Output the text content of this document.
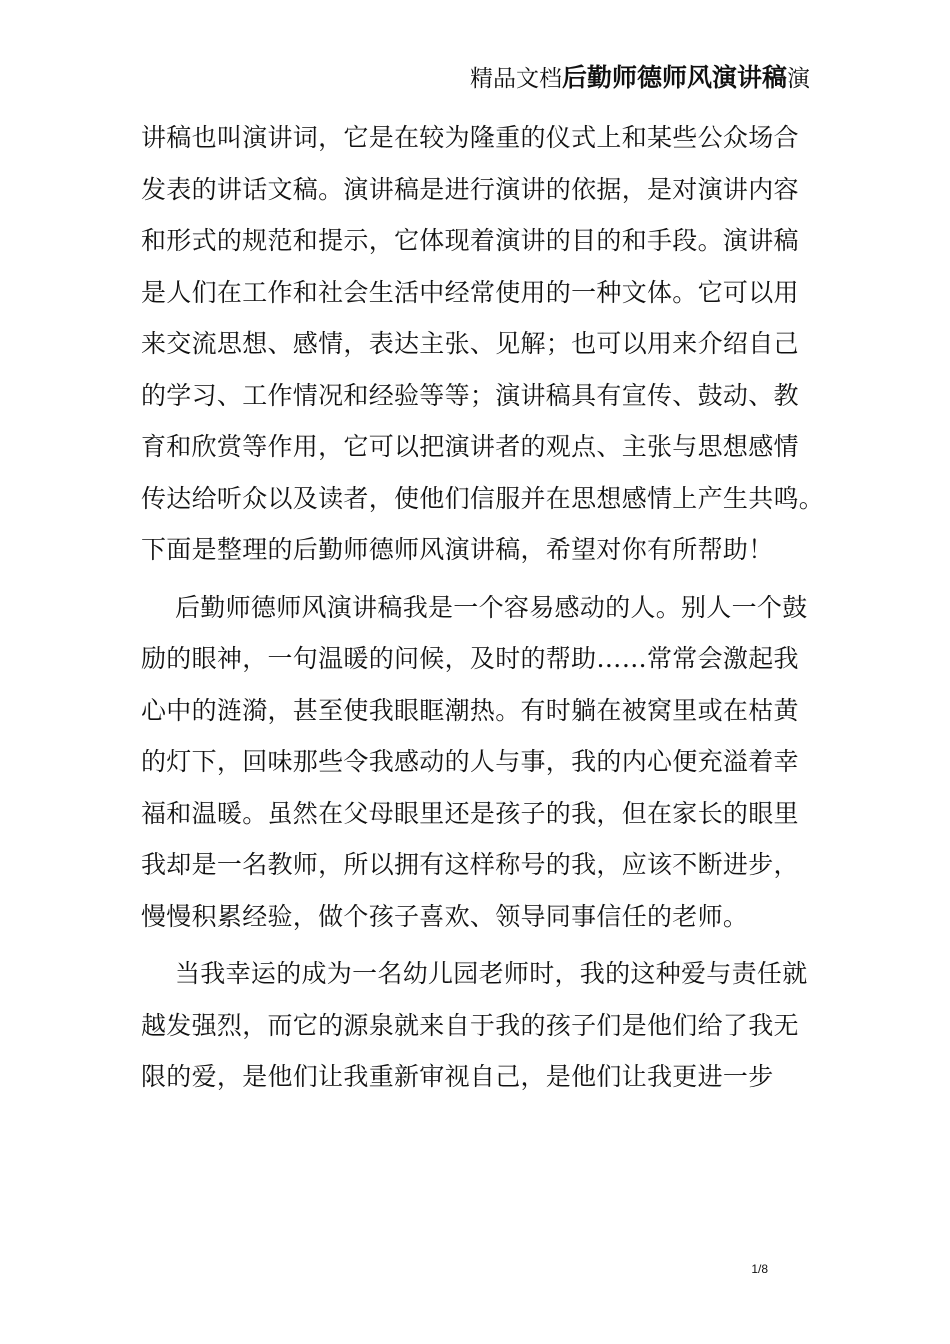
精品文档后勤师德师风演讲稿演
讲稿也叫演讲词，它是在较为隆重的仪式上和某些公众场合
发表的讲话文稿。演讲稿是进行演讲的依据，是对演讲内容
和形式的规范和提示，它体现着演讲的目的和手段。演讲稿
是人们在工作和社会生活中经常使用的一种文体。它可以用
来交流思想、感情，表达主张、见解；也可以用来介绍自己
的学习、工作情况和经验等等；演讲稿具有宣传、鼓动、教
育和欣赏等作用，它可以把演讲者的观点、主张与思想感情
传达给听众以及读者，使他们信服并在思想感情上产生共鸣。
下面是整理的后勤师德师风演讲稿，希望对你有所帮助！
后勤师德师风演讲稿我是一个容易感动的人。别人一个鼓
励的眼神，一句温暖的问候，及时的帮助……常常会激起我
心中的涟漪，甚至使我眼眶潮热。有时躺在被窝里或在枯黄
的灯下，回味那些令我感动的人与事，我的内心便充溢着幸
福和温暖。虽然在父母眼里还是孩子的我，但在家长的眼里
我却是一名教师，所以拥有这样称号的我，应该不断进步，
慢慢积累经验，做个孩子喜欢、领导同事信任的老师。
当我幸运的成为一名幼儿园老师时，我的这种爱与责任就
越发强烈，而它的源泉就来自于我的孩子们是他们给了我无
限的爱，是他们让我重新审视自己，是他们让我更进一步
1/8
